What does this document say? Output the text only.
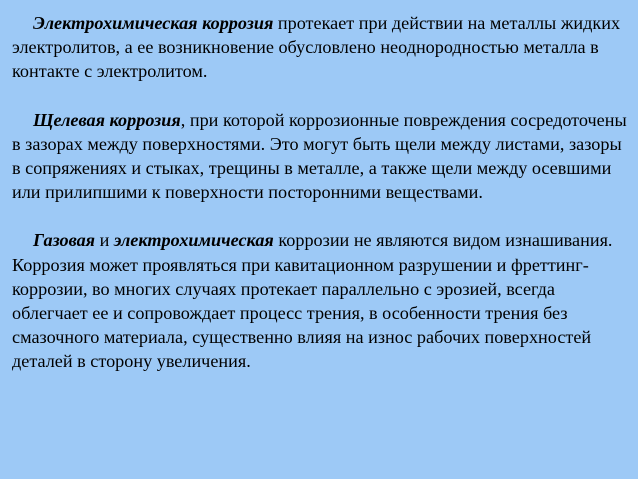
Электрохимическая коррозия протекает при действии на металлы жидких электролитов, а ее возникновение обусловлено неоднородностью металла в контакте с электролитом.

Щелевая коррозия, при которой коррозионные повреждения сосредоточены в зазорах между поверхностями. Это могут быть щели между листами, зазоры в сопряжениях и стыках, трещины в металле, а также щели между осевшими или прилипшими к поверхности посторонними веществами.

Газовая и электрохимическая коррозии не являются видом изнашивания. Коррозия может проявляться при кавитационном разрушении и фреттинг-коррозии, во многих случаях протекает параллельно с эрозией, всегда облегчает ее и сопровождает процесс трения, в особенности трения без смазочного материала, существенно влияя на износ рабочих поверхностей деталей в сторону увеличения.
